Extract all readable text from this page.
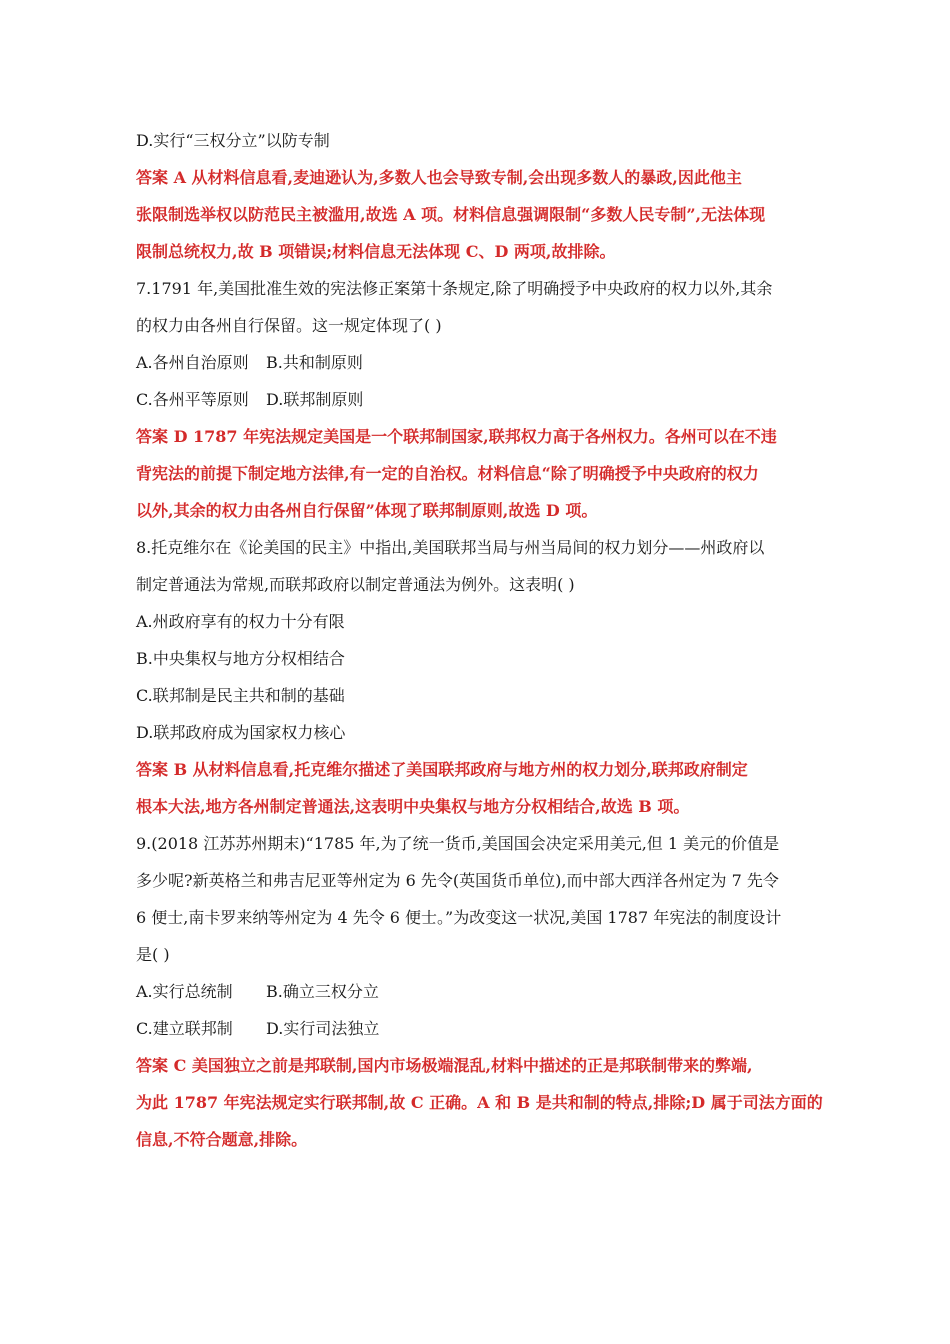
D.实行“三权分立”以防专制
答案 A 从材料信息看,麦迪逊认为,多数人也会导致专制,会出现多数人的暴政,因此他主
张限制选举权以防范民主被滥用,故选 A 项。材料信息强调限制“多数人民专制”,无法体现
限制总统权力,故 B 项错误;材料信息无法体现 C、D 两项,故排除。
7.1791 年,美国批准生效的宪法修正案第十条规定,除了明确授予中央政府的权力以外,其余
的权力由各州自行保留。这一规定体现了( )
A.各州自治原则 B.共和制原则
C.各州平等原则 D.联邦制原则
答案 D 1787 年宪法规定美国是一个联邦制国家,联邦权力高于各州权力。各州可以在不违
背宪法的前提下制定地方法律,有一定的自治权。材料信息“除了明确授予中央政府的权力
以外,其余的权力由各州自行保留”体现了联邦制原则,故选 D 项。
8.托克维尔在《论美国的民主》中指出,美国联邦当局与州当局间的权力划分——州政府以
制定普通法为常规,而联邦政府以制定普通法为例外。这表明( )
A.州政府享有的权力十分有限
B.中央集权与地方分权相结合
C.联邦制是民主共和制的基础
D.联邦政府成为国家权力核心
答案 B 从材料信息看,托克维尔描述了美国联邦政府与地方州的权力划分,联邦政府制定
根本大法,地方各州制定普通法,这表明中央集权与地方分权相结合,故选 B 项。
9.(2018 江苏苏州期末)“1785 年,为了统一货币,美国国会决定采用美元,但 1 美元的价值是
多少呢?新英格兰和弗吉尼亚等州定为 6 先令(英国货币单位),而中部大西洋各州定为 7 先令
6 便士,南卡罗来纳等州定为 4 先令 6 便士。”为改变这一状况,美国 1787 年宪法的制度设计
是( )
A.实行总统制 B.确立三权分立
C.建立联邦制 D.实行司法独立
答案 C 美国独立之前是邦联制,国内市场极端混乱,材料中描述的正是邦联制带来的弊端,
为此 1787 年宪法规定实行联邦制,故 C 正确。A 和 B 是共和制的特点,排除;D 属于司法方面的
信息,不符合题意,排除。
